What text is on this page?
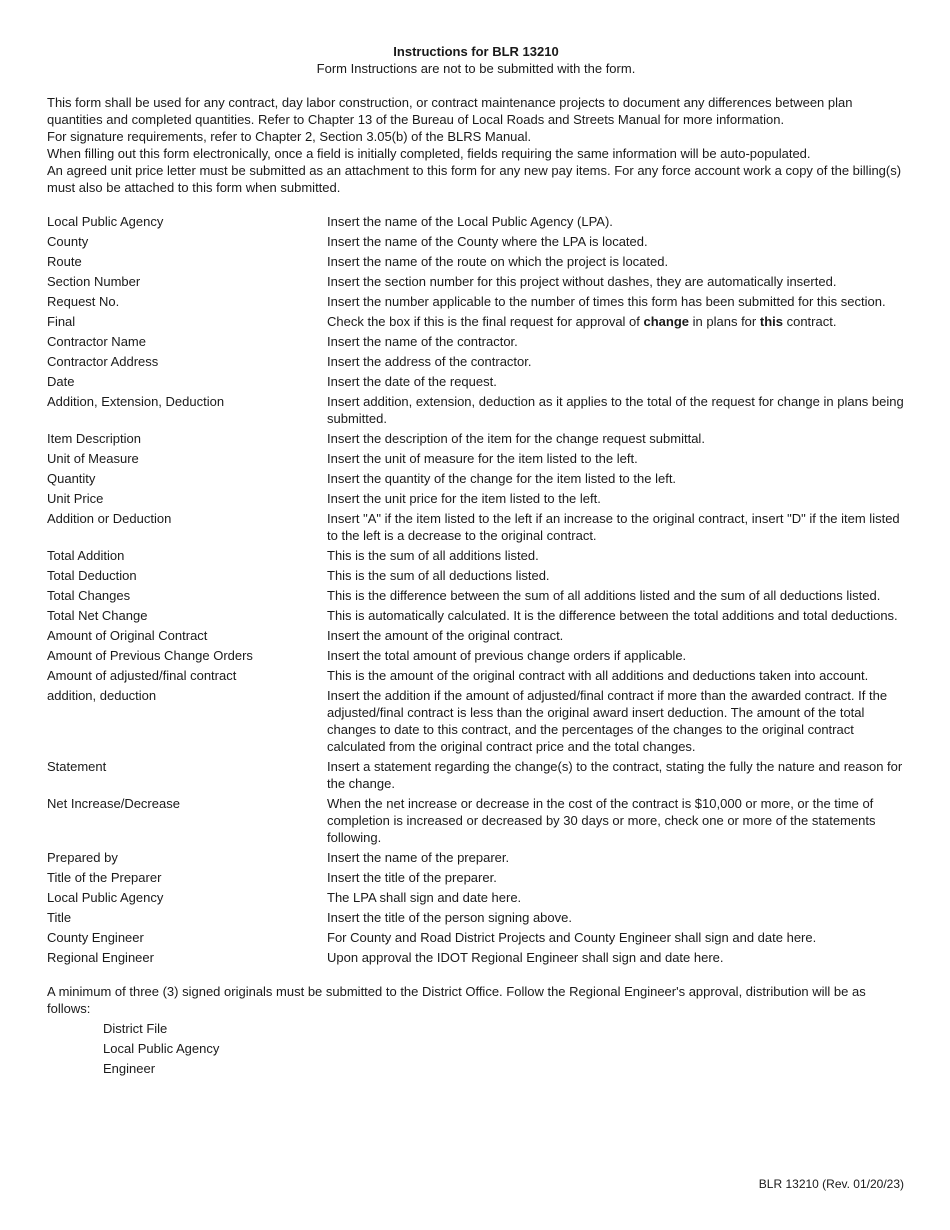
Instructions for BLR 13210

Form Instructions are not to be submitted with the form.

This form shall be used for any contract, day labor construction, or contract maintenance projects to document any differences between plan quantities and completed quantities. Refer to Chapter 13 of the Bureau of Local Roads and Streets Manual for more information.

For signature requirements, refer to Chapter 2, Section 3.05(b) of the BLRS Manual.

When filling out this form electronically, once a field is initially completed, fields requiring the same information will be auto-populated.

An agreed unit price letter must be submitted as an attachment to this form for any new pay items. For any force account work a copy of the billing(s) must also be attached to this form when submitted.

Local Public Agency	Insert the name of the Local Public Agency (LPA).
County	Insert the name of the County where the LPA is located.
Route	Insert the name of the route on which the project is located.
Section Number	Insert the section number for this project without dashes, they are automatically inserted.
Request No.	Insert the number applicable to the number of times this form has been submitted for this section.
Final	Check the box if this is the final request for approval of change in plans for this contract.
Contractor Name	Insert the name of the contractor.
Contractor Address	Insert the address of the contractor.
Date	Insert the date of the request.
Addition, Extension, Deduction	Insert addition, extension, deduction as it applies to the total of the request for change in plans being submitted.
Item Description	Insert the description of the item for the change request submittal.
Unit of Measure	Insert the unit of measure for the item listed to the left.
Quantity	Insert the quantity of the change for the item listed to the left.
Unit Price	Insert the unit price for the item listed to the left.
Addition or Deduction	Insert "A" if the item listed to the left if an increase to the original contract, insert "D" if the item listed to the left is a decrease to the original contract.
Total Addition	This is the sum of all additions listed.
Total Deduction	This is the sum of all deductions listed.
Total Changes	This is the difference between the sum of all additions listed and the sum of all deductions listed.
Total Net Change	This is automatically calculated. It is the difference between the total additions and total deductions.
Amount of Original Contract	Insert the amount of the original contract.
Amount of Previous Change Orders	Insert the total amount of previous change orders if applicable.
Amount of adjusted/final contract	This is the amount of the original contract with all additions and deductions taken into account.
addition, deduction	Insert the addition if the amount of adjusted/final contract if more than the awarded contract. If the adjusted/final contract is less than the original award insert deduction. The amount of the total changes to date to this contract, and the percentages of the changes to the original contract calculated from the original contract price and the total changes.
Statement	Insert a statement regarding the change(s) to the contract, stating the fully the nature and reason for the change.
Net Increase/Decrease	When the net increase or decrease in the cost of the contract is $10,000 or more, or the time of completion is increased or decreased by 30 days or more, check one or more of the statements following.
Prepared by	Insert the name of the preparer.
Title of the Preparer	Insert the title of the preparer.
Local Public Agency	The LPA shall sign and date here.
Title	Insert the title of the person signing above.
County Engineer	For County and Road District Projects and County Engineer shall sign and date here.
Regional Engineer	Upon approval the IDOT Regional Engineer shall sign and date here.

A minimum of three (3) signed originals must be submitted to the District Office. Follow the Regional Engineer's approval, distribution will be as follows:

District File
Local Public Agency
Engineer
BLR 13210 (Rev. 01/20/23)
